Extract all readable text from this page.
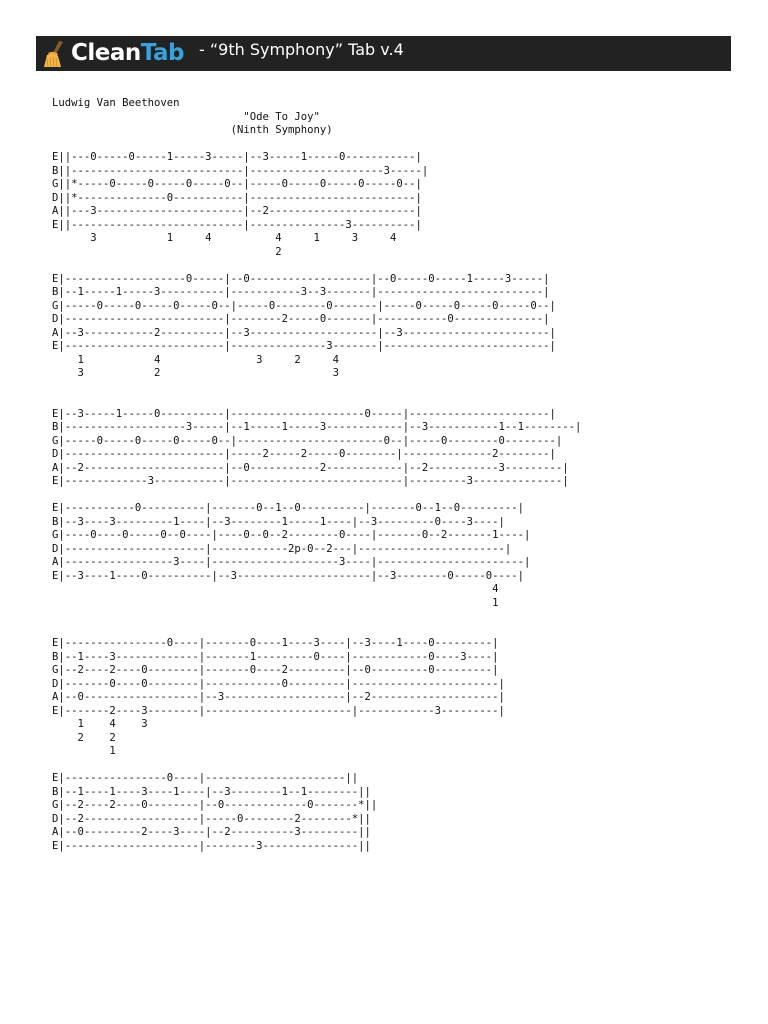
CleanTab - “9th Symphony” Tab v.4
Ludwig Van Beethoven
"Ode To Joy"
(Ninth Symphony)

E||---0-----0-----1-----3-----|--3-----1-----0-----------|
B||---------------------------|---------------------3-----|
G||*-----0-----0-----0-----0--|-----0-----0-----0-----0--|
D||*--------------0-----------|--------------------------|
A||---3-----------------------|--2-----------------------|
E||---------------------------|---------------3----------|
3           1     4          4     1     3     4
2

E|-------------------0-----|--0-------------------|--0-----0-----1-----3-----|
B|--1-----1-----3----------|-----------3--3-------|--------------------------|
G|-----0-----0-----0-----0--|-----0--------0-------|-----0-----0-----0-----0--|
D|-------------------------|--------2-----0-------|-----------0--------------|
A|--3-----------2----------|--3--------------------|--3-----------------------|
E|-------------------------|---------------3-------|--------------------------|
1           4               3     2     4
3           2                           3

E|--3-----1-----0----------|---------------------0-----|----------------------|
B|-------------------3-----|--1-----1-----3------------|--3-----------1--1--------|
G|-----0-----0-----0-----0--|-----------------------0--|-----0--------0--------|
D|-------------------------|-----2-----2-----0--------|--------------2--------|
A|--2----------------------|--0-----------2------------|--2-----------3---------|
E|-------------3-----------|---------------------------|---------3--------------|

E|-----------0----------|-------0--1--0----------|-------0--1--0---------|
B|--3----3---------1----|--3--------1-----1----|--3---------0----3----|
G|----0----0-----0--0----|----0--0--2--------0----|-------0--2-------1----|
D|----------------------|------------2p-0--2---|-----------------------|
A|-----------------3----|--------------------3----|-----------------------|
E|--3----1----0----------|--3---------------------|--3--------0-----0----|
4
1

E|----------------0----|-------0----1----3----|--3----1----0---------|
B|--1----3-------------|-------1---------0----|------------0----3----|
G|--2----2----0--------|-------0----2---------|--0---------0---------|
D|-------0----0--------|------------0---------|-----------------------|
A|--0------------------|--3-------------------|--2--------------------|
E|-------2----3--------|-----------------------|------------3---------|
1    4    3
2    2
1

E|----------------0----|----------------------||
B|--1----1----3----1----|--3--------1--1--------||
G|--2----2----0--------|--0-------------0-------*||
D|--2------------------|-----0--------2--------*||
A|--0---------2----3----|--2----------3---------||
E|---------------------|--------3---------------||
